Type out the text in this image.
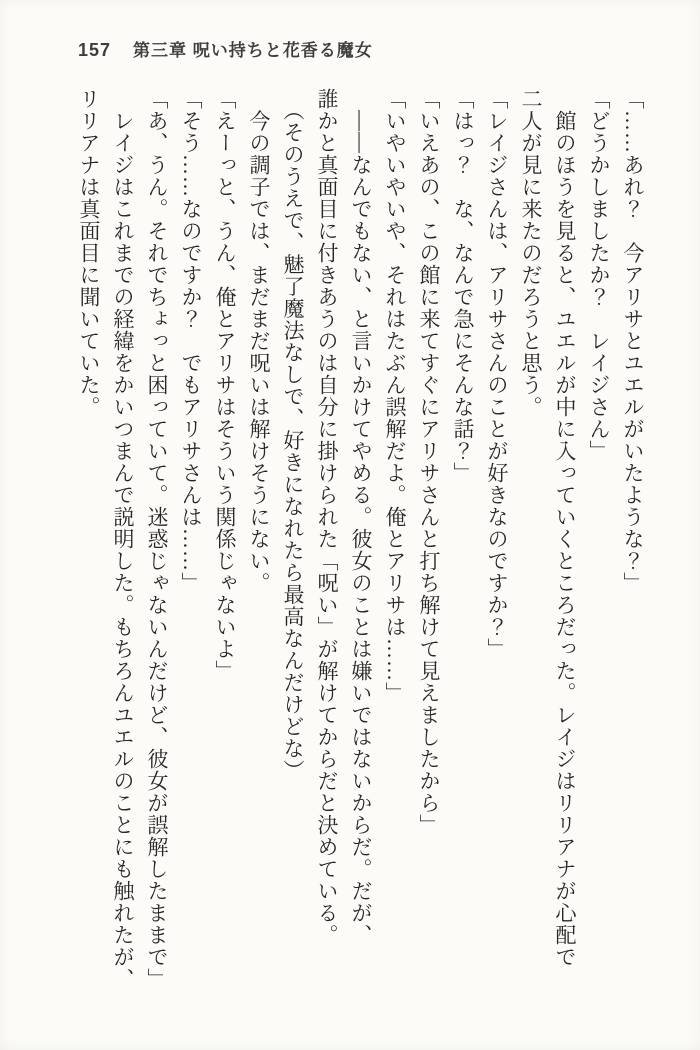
157 第三章 呪い持ちと花香る魔女

「……あれ？　今アリサとユエルがいたような？」

「どうかしましたか？　レイジさん」

　館のほうを見ると、ユエルが中に入っていくところだった。レイジはリリアナが心配で

二人が見に来たのだろうと思う。

「レイジさんは、アリサさんのことが好きなのですか？」

「はっ？　な、なんで急にそんな話？」

「いえあの、この館に来てすぐにアリサさんと打ち解けて見えましたから」

「いやいやいや、それはたぶん誤解だよ。俺とアリサは……」

　――なんでもない、と言いかけてやめる。彼女のことは嫌いではないからだ。だが、

誰かと真面目に付きあうのは自分に掛けられた「呪い」が解けてからだと決めている。

　（そのうえで、魅了魔法なしで、好きになれたら最高なんだけどな）

　今の調子では、まだまだ呪いは解けそうにない。

「えーっと、うん、俺とアリサはそういう関係じゃないよ」

「そう……なのですか？　でもアリサさんは……」

「あ、うん。それでちょっと困っていて。迷惑じゃないんだけど、彼女が誤解したままで」

　レイジはこれまでの経緯をかいつまんで説明した。もちろんユエルのことにも触れたが、

リリアナは真面目に聞いていた。
